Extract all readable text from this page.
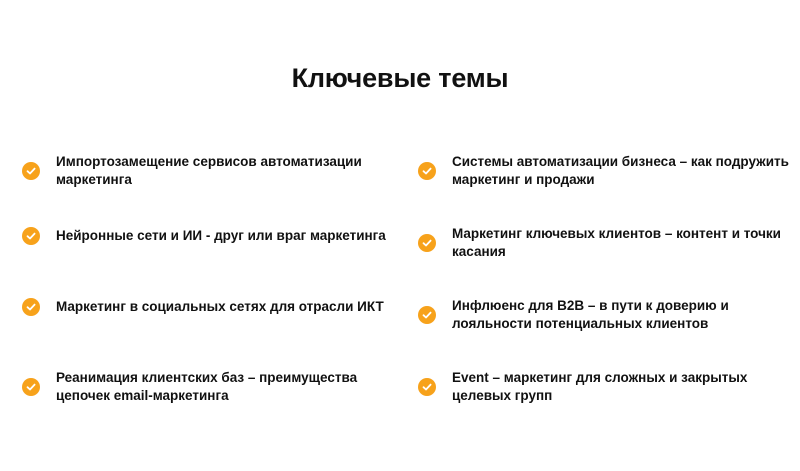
Ключевые темы
Импортозамещение сервисов автоматизации маркетинга
Системы автоматизации бизнеса – как подружить маркетинг и продажи
Нейронные сети и ИИ - друг или враг маркетинга	Маркетинг ключевых клиентов – контент и точки касания
Маркетинг в социальных сетях для отрасли ИКТ	Инфлюенс для B2B – в пути к доверию и лояльности потенциальных клиентов
Реанимация клиентских баз – преимущества цепочек email-маркетинга
Event – маркетинг для сложных и закрытых целевых групп
